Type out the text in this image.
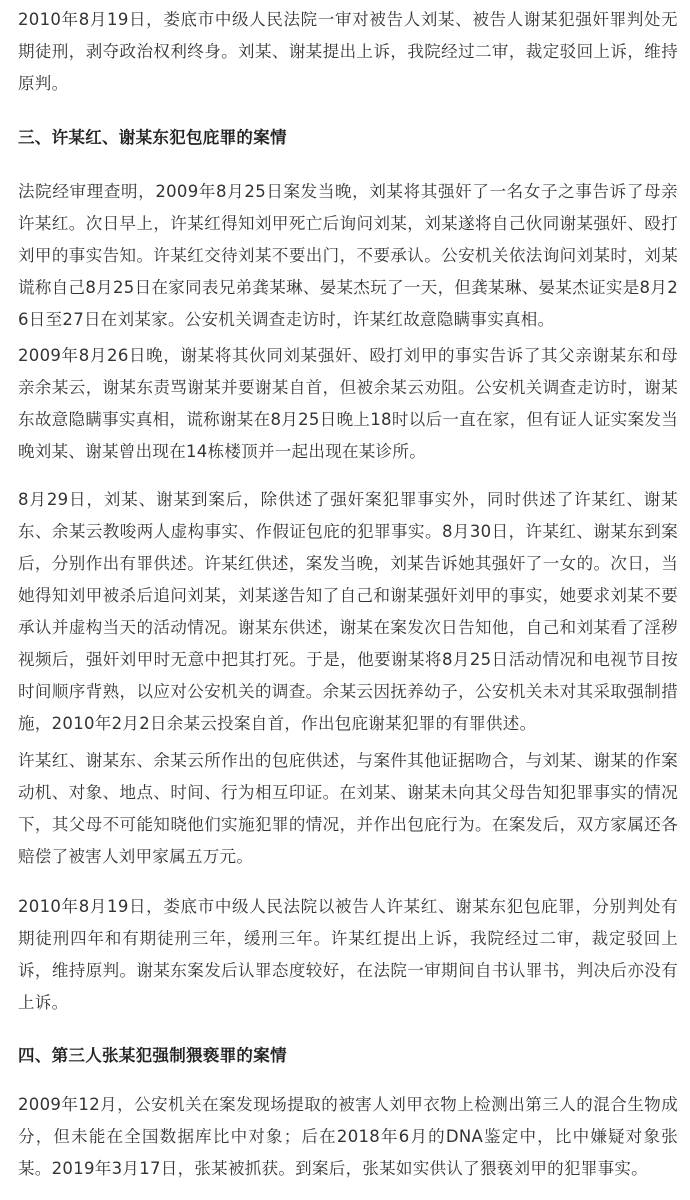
2010年8月19日，娄底市中级人民法院一审对被告人刘某、被告人谢某犯强奸罪判处无期徒刑，剥夺政治权利终身。刘某、谢某提出上诉，我院经过二审，裁定驳回上诉，维持原判。

三、许某红、谢某东犯包庇罪的案情

法院经审理查明，2009年8月25日案发当晚，刘某将其强奸了一名女子之事告诉了母亲许某红。次日早上，许某红得知刘甲死亡后询问刘某，刘某遂将自己伙同谢某强奸、殴打刘甲的事实告知。许某红交待刘某不要出门，不要承认。公安机关依法询问刘某时，刘某谎称自己8月25日在家同表兄弟龚某琳、晏某杰玩了一天，但龚某琳、晏某杰证实是8月26日至27日在刘某家。公安机关调查走访时，许某红故意隐瞒事实真相。

2009年8月26日晚，谢某将其伙同刘某强奸、殴打刘甲的事实告诉了其父亲谢某东和母亲余某云，谢某东责骂谢某并要谢某自首，但被余某云劝阻。公安机关调查走访时，谢某东故意隐瞒事实真相，谎称谢某在8月25日晚上18时以后一直在家，但有证人证实案发当晚刘某、谢某曾出现在14栋楼顶并一起出现在某诊所。

8月29日，刘某、谢某到案后，除供述了强奸案犯罪事实外，同时供述了许某红、谢某东、余某云教唆两人虚构事实、作假证包庇的犯罪事实。8月30日，许某红、谢某东到案后，分别作出有罪供述。许某红供述，案发当晚，刘某告诉她其强奸了一女的。次日，当她得知刘甲被杀后追问刘某，刘某遂告知了自己和谢某强奸刘甲的事实，她要求刘某不要承认并虚构当天的活动情况。谢某东供述，谢某在案发次日告知他，自己和刘某看了淫秽视频后，强奸刘甲时无意中把其打死。于是，他要谢某将8月25日活动情况和电视节目按时间顺序背熟，以应对公安机关的调查。余某云因抚养幼子，公安机关未对其采取强制措施，2010年2月2日余某云投案自首，作出包庇谢某犯罪的有罪供述。

许某红、谢某东、余某云所作出的包庇供述，与案件其他证据吻合，与刘某、谢某的作案动机、对象、地点、时间、行为相互印证。在刘某、谢某未向其父母告知犯罪事实的情况下，其父母不可能知晓他们实施犯罪的情况，并作出包庇行为。在案发后，双方家属还各赔偿了被害人刘甲家属五万元。

2010年8月19日，娄底市中级人民法院以被告人许某红、谢某东犯包庇罪，分别判处有期徒刑四年和有期徒刑三年，缓刑三年。许某红提出上诉，我院经过二审，裁定驳回上诉，维持原判。谢某东案发后认罪态度较好，在法院一审期间自书认罪书，判决后亦没有上诉。

四、第三人张某犯强制猥亵罪的案情

2009年12月，公安机关在案发现场提取的被害人刘甲衣物上检测出第三人的混合生物成分，但未能在全国数据库比中对象；后在2018年6月的DNA鉴定中，比中嫌疑对象张某。2019年3月17日，张某被抓获。到案后，张某如实供认了猥亵刘甲的犯罪事实。
